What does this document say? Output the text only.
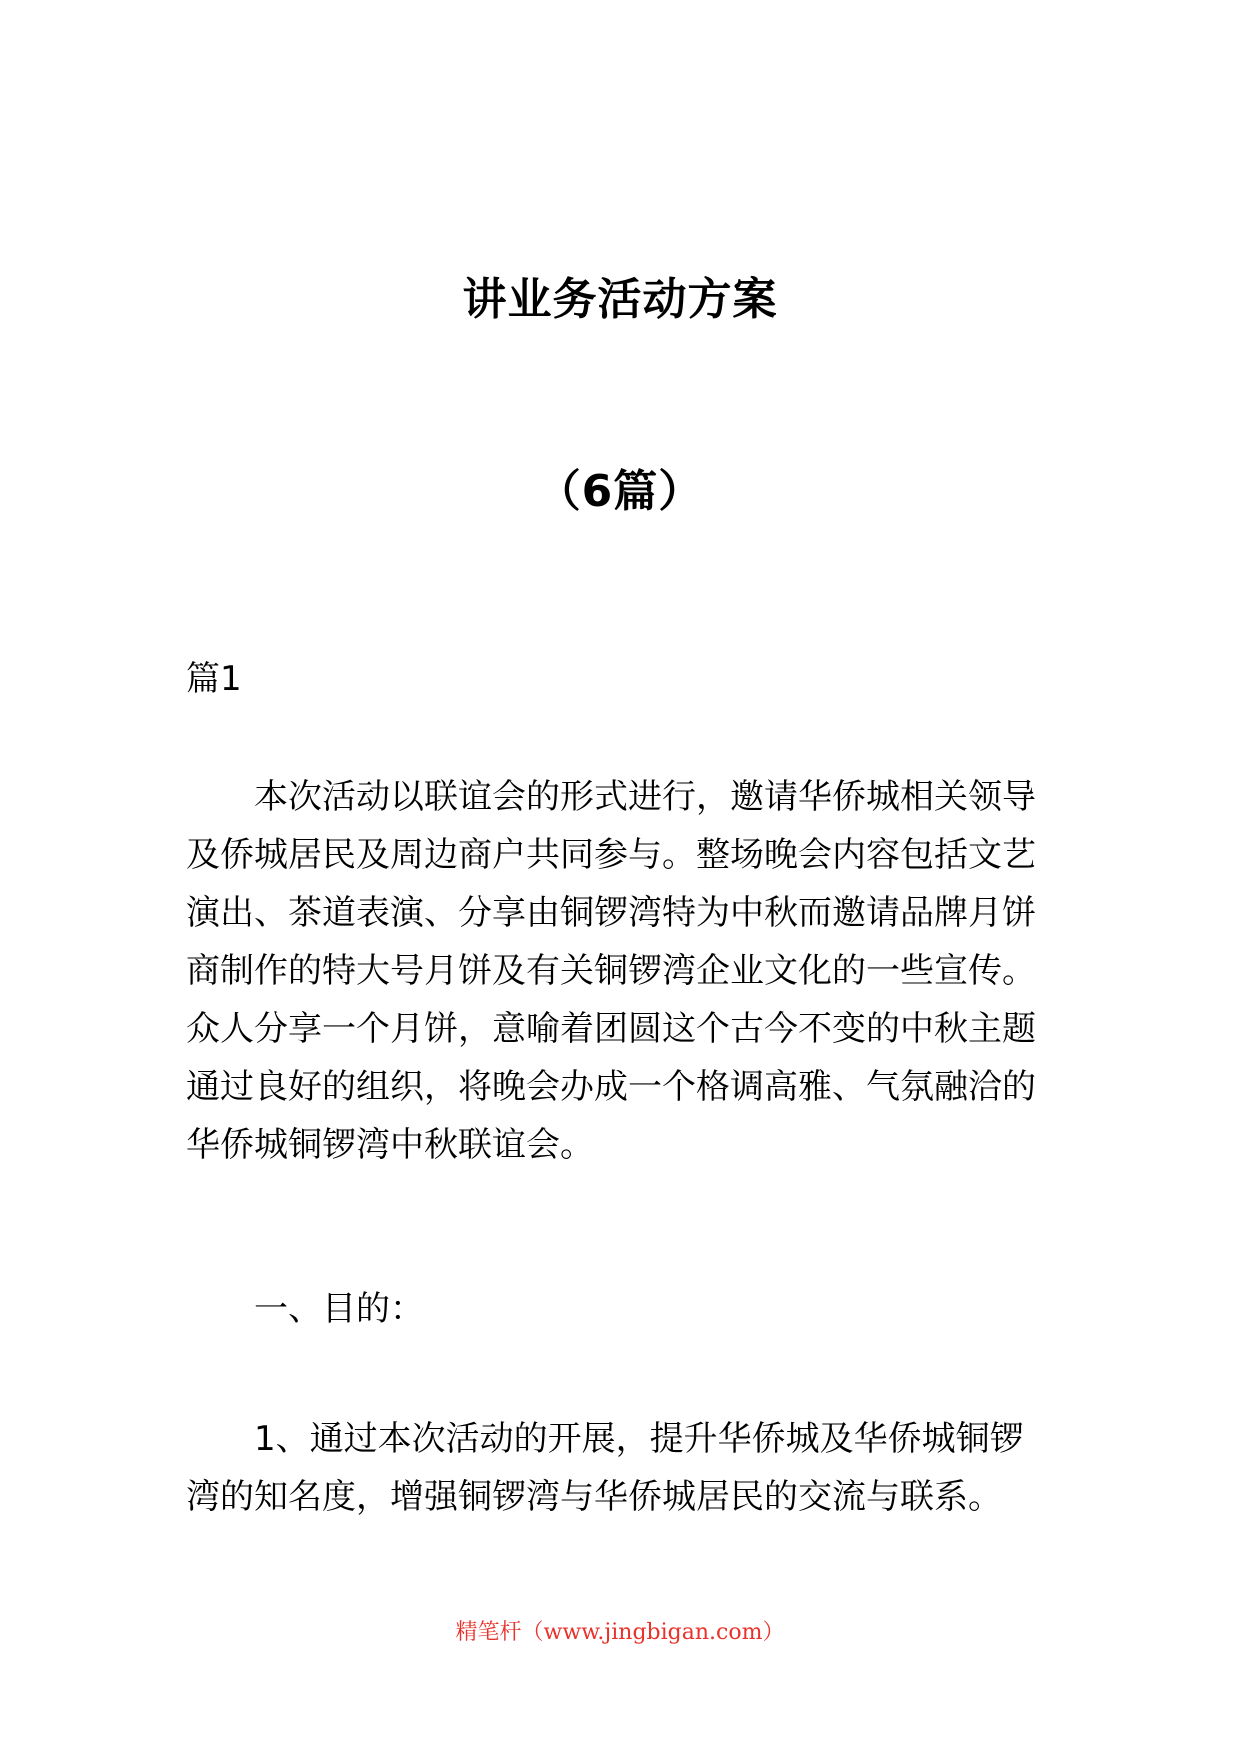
讲业务活动方案
（6篇）
篇1
本次活动以联谊会的形式进行，邀请华侨城相关领导及侨城居民及周边商户共同参与。整场晚会内容包括文艺演出、茶道表演、分享由铜锣湾特为中秋而邀请品牌月饼商制作的特大号月饼及有关铜锣湾企业文化的一些宣传。众人分享一个月饼，意喻着团圆这个古今不变的中秋主题通过良好的组织，将晚会办成一个格调高雅、气氛融洽的华侨城铜锣湾中秋联谊会。
一、目的：
1、通过本次活动的开展，提升华侨城及华侨城铜锣湾的知名度，增强铜锣湾与华侨城居民的交流与联系。
精笔杆（www.jingbigan.com）
